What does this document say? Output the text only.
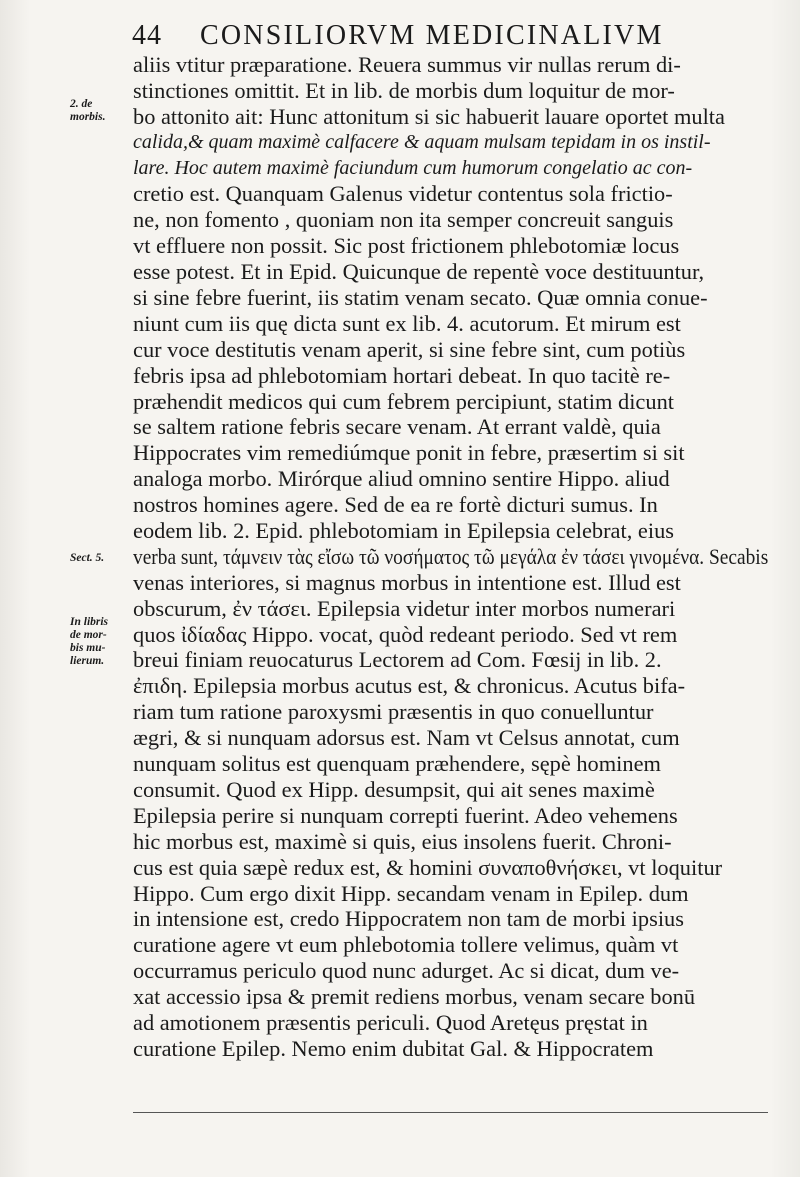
44 CONSILIORVM MEDICINALIVM
2. de
morbis.
Sect. 5.
In libris
de mor-
bis mu-
lierum.
aliis vtitur præparatione. Reuera summus vir nullas rerum di-
stinctiones omittit. Et in lib. de morbis dum loquitur de mor-
bo attonito ait: Hunc attonitum si sic habuerit lauare oportet multa
calida,& quam maximè calfacere & aquam mulsam tepidam in os instil-
lare. Hoc autem maximè faciundum cum humorum congelatio ac con-
cretio est. Quanquam Galenus videtur contentus sola frictio-
ne, non fomento , quoniam non ita semper concreuit sanguis
vt effluere non possit. Sic post frictionem phlebotomiæ locus
esse potest. Et in Epid. Quicunque de repentè voce destituuntur,
si sine febre fuerint, iis statim venam secato. Quæ omnia conue-
niunt cum iis quę dicta sunt ex lib. 4. acutorum. Et mirum est
cur voce destitutis venam aperit, si sine febre sint, cum potiùs
febris ipsa ad phlebotomiam hortari debeat. In quo tacitè re-
præhendit medicos qui cum febrem percipiunt, statim dicunt
se saltem ratione febris secare venam. At errant valdè, quia
Hippocrates vim remediúmque ponit in febre, præsertim si sit
analoga morbo. Mirórque aliud omnino sentire Hippo. aliud
nostros homines agere. Sed de ea re fortè dicturi sumus. In
eodem lib. 2. Epid. phlebotomiam in Epilepsia celebrat, eius
verba sunt, τάμνειν τὰς εἴσω τῶ νοσήματος τῶ μεγάλα ἐν τάσει γινομένα. Secabis
venas interiores, si magnus morbus in intentione est. Illud est
obscurum, ἐν τάσει. Epilepsia videtur inter morbos numerari
quos ἰδίαδας Hippo. vocat, quòd redeant periodo. Sed vt rem
breui finiam reuocaturus Lectorem ad Com. Fœsij in lib. 2.
ἐπιδη. Epilepsia morbus acutus est, & chronicus. Acutus bifa-
riam tum ratione paroxysmi præsentis in quo conuelluntur
ægri, & si nunquam adorsus est. Nam vt Celsus annotat, cum
nunquam solitus est quenquam præhendere, sępè hominem
consumit. Quod ex Hipp. desumpsit, qui ait senes maximè
Epilepsia perire si nunquam correpti fuerint. Adeo vehemens
hic morbus est, maximè si quis, eius insolens fuerit. Chroni-
cus est quia sæpè redux est, & homini συναποθνήσκει, vt loquitur
Hippo. Cum ergo dixit Hipp. secandam venam in Epilep. dum
in intensione est, credo Hippocratem non tam de morbi ipsius
curatione agere vt eum phlebotomia tollere velimus, quàm vt
occurramus periculo quod nunc adurget. Ac si dicat, dum ve-
xat accessio ipsa & premit rediens morbus, venam secare bonū
ad amotionem præsentis periculi. Quod Aretęus pręstat in
curatione Epilep. Nemo enim dubitat Gal. & Hippocratem
